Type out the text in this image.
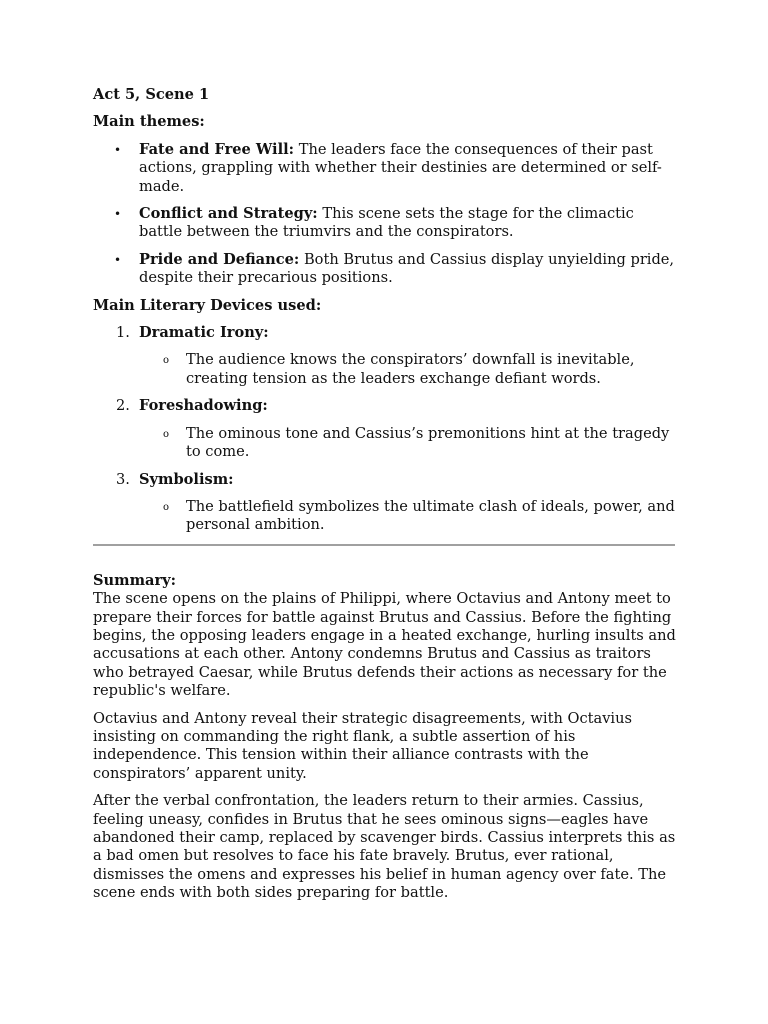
Act 5, Scene 1

Main themes:

• Fate and Free Will: The leaders face the consequences of their past actions, grappling with whether their destinies are determined or self-made.
• Conflict and Strategy: This scene sets the stage for the climactic battle between the triumvirs and the conspirators.
• Pride and Defiance: Both Brutus and Cassius display unyielding pride, despite their precarious positions.

Main Literary Devices used:

1. Dramatic Irony:
o The audience knows the conspirators’ downfall is inevitable, creating tension as the leaders exchange defiant words.
2. Foreshadowing:
o The ominous tone and Cassius’s premonitions hint at the tragedy to come.
3. Symbolism:
o The battlefield symbolizes the ultimate clash of ideals, power, and personal ambition.

Summary:

The scene opens on the plains of Philippi, where Octavius and Antony meet to prepare their forces for battle against Brutus and Cassius. Before the fighting begins, the opposing leaders engage in a heated exchange, hurling insults and accusations at each other. Antony condemns Brutus and Cassius as traitors who betrayed Caesar, while Brutus defends their actions as necessary for the republic's welfare.

Octavius and Antony reveal their strategic disagreements, with Octavius insisting on commanding the right flank, a subtle assertion of his independence. This tension within their alliance contrasts with the conspirators’ apparent unity.

After the verbal confrontation, the leaders return to their armies. Cassius, feeling uneasy, confides in Brutus that he sees ominous signs—eagles have abandoned their camp, replaced by scavenger birds. Cassius interprets this as a bad omen but resolves to face his fate bravely. Brutus, ever rational, dismisses the omens and expresses his belief in human agency over fate. The scene ends with both sides preparing for battle.
